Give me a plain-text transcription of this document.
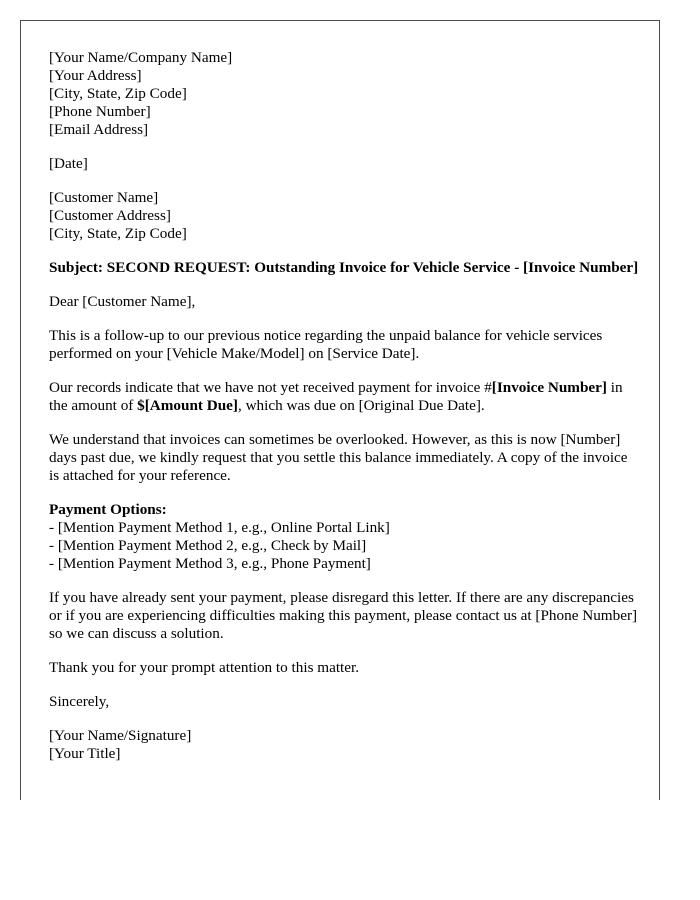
[Your Name/Company Name]
[Your Address]
[City, State, Zip Code]
[Phone Number]
[Email Address]
[Date]
[Customer Name]
[Customer Address]
[City, State, Zip Code]

Subject: SECOND REQUEST: Outstanding Invoice for Vehicle Service - [Invoice Number]

Dear [Customer Name],

This is a follow-up to our previous notice regarding the unpaid balance for vehicle services performed on your [Vehicle Make/Model] on [Service Date].

Our records indicate that we have not yet received payment for invoice #[Invoice Number] in the amount of $[Amount Due], which was due on [Original Due Date].

We understand that invoices can sometimes be overlooked. However, as this is now [Number] days past due, we kindly request that you settle this balance immediately. A copy of the invoice is attached for your reference.

Payment Options:
- [Mention Payment Method 1, e.g., Online Portal Link]
- [Mention Payment Method 2, e.g., Check by Mail]
- [Mention Payment Method 3, e.g., Phone Payment]

If you have already sent your payment, please disregard this letter. If there are any discrepancies or if you are experiencing difficulties making this payment, please contact us at [Phone Number] so we can discuss a solution.

Thank you for your prompt attention to this matter.

Sincerely,

[Your Name/Signature]
[Your Title]
